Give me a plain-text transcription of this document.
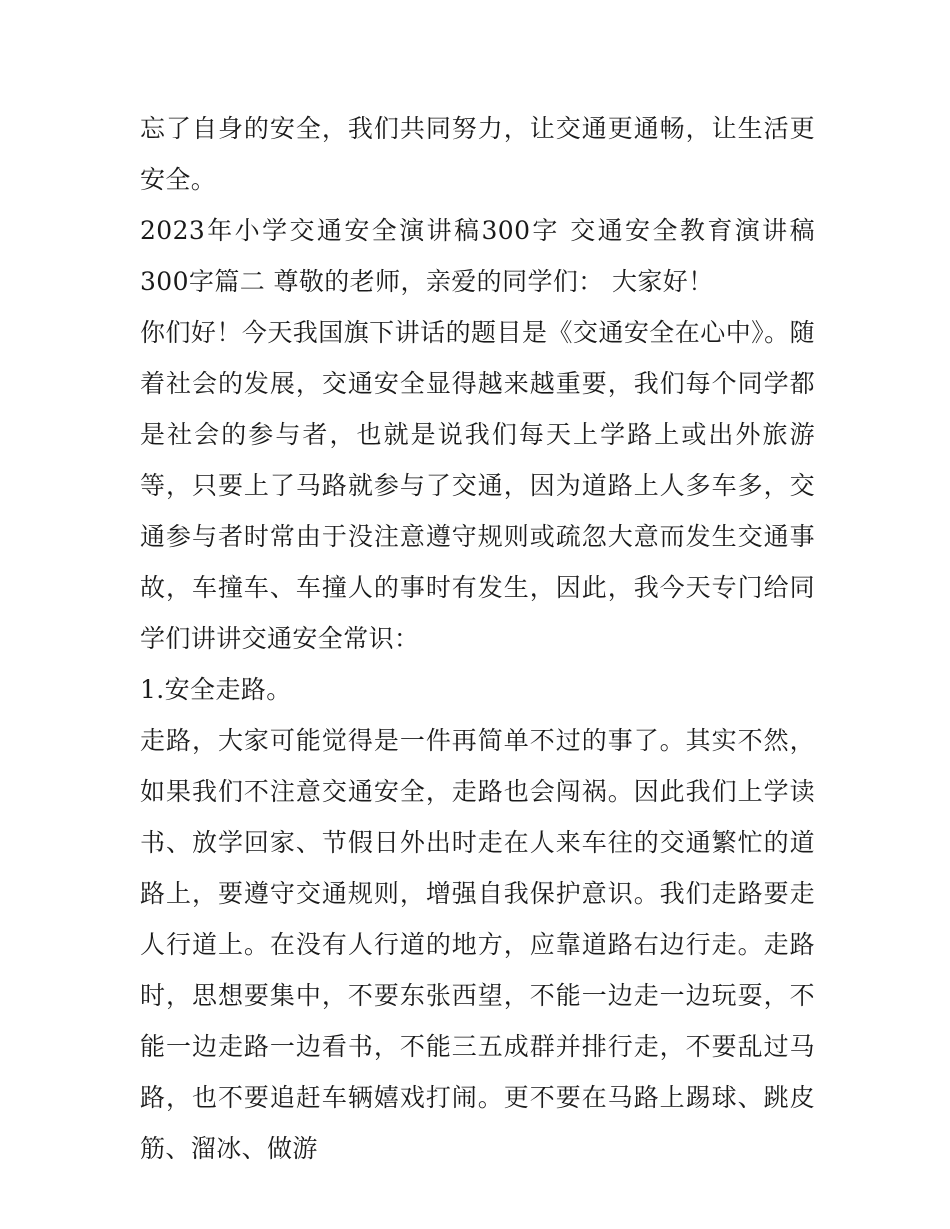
忘了自身的安全，我们共同努力，让交通更通畅，让生活更安全。

2023年小学交通安全演讲稿300字 交通安全教育演讲稿300字篇二 尊敬的老师，亲爱的同学们： 大家好！

你们好！今天我国旗下讲话的题目是《交通安全在心中》。随着社会的发展，交通安全显得越来越重要，我们每个同学都是社会的参与者，也就是说我们每天上学路上或出外旅游等，只要上了马路就参与了交通，因为道路上人多车多，交通参与者时常由于没注意遵守规则或疏忽大意而发生交通事故，车撞车、车撞人的事时有发生，因此，我今天专门给同学们讲讲交通安全常识：

1.安全走路。

走路，大家可能觉得是一件再简单不过的事了。其实不然，如果我们不注意交通安全，走路也会闯祸。因此我们上学读书、放学回家、节假日外出时走在人来车往的交通繁忙的道路上，要遵守交通规则，增强自我保护意识。我们走路要走人行道上。在没有人行道的地方，应靠道路右边行走。走路时，思想要集中，不要东张西望，不能一边走一边玩耍，不能一边走路一边看书，不能三五成群并排行走，不要乱过马路，也不要追赶车辆嬉戏打闹。更不要在马路上踢球、跳皮筋、溜冰、做游
